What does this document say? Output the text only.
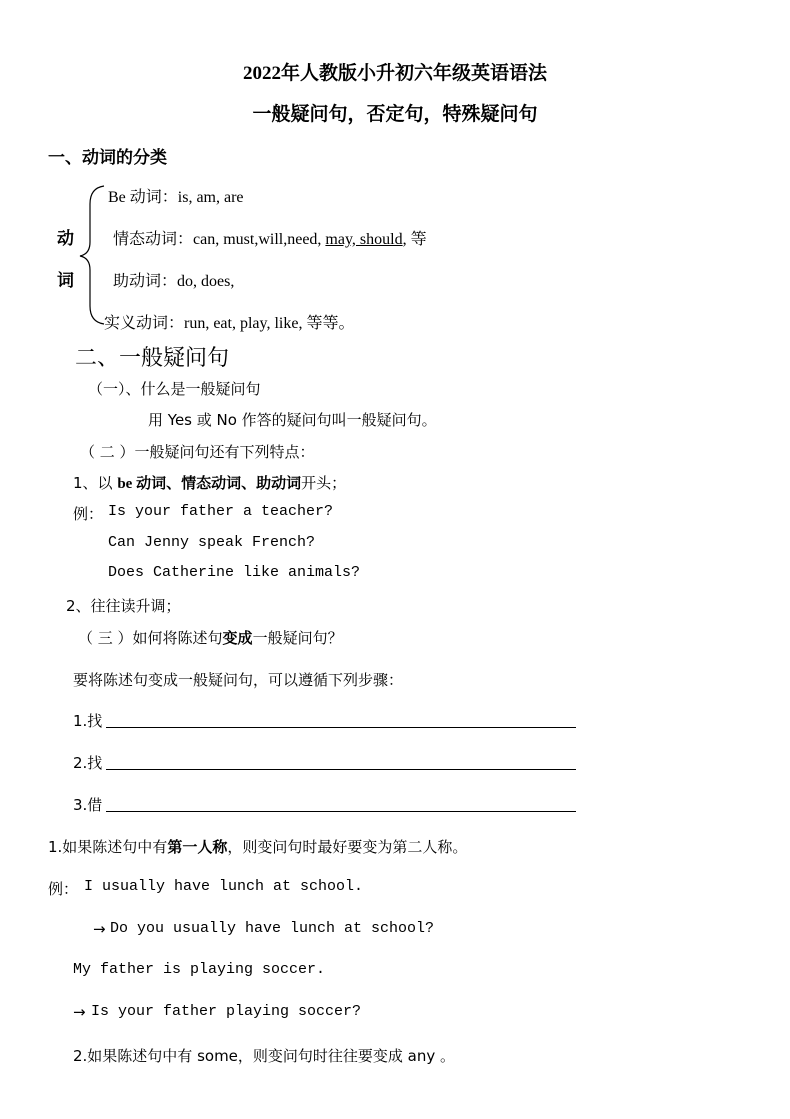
2022年人教版小升初六年级英语语法
一般疑问句，否定句，特殊疑问句
一、动词的分类
动
词
Be 动词：is, am, are
情态动词：can, must,will,need, may, should, 等
助动词：do, does,
实义动词：run, eat, play, like, 等等。
二、一般疑问句
（一）、什么是一般疑问句
用 Yes 或 No 作答的疑问句叫一般疑问句。
（ 二 ）一般疑问句还有下列特点：
1、以 be 动词、情态动词、助动词开头；
例： Is your father a teacher?
Can Jenny speak French?
Does Catherine like animals?
2、往往读升调；
（ 三 ）如何将陈述句变成一般疑问句？
要将陈述句变成一般疑问句，可以遵循下列步骤：
1.找
2.找
3.借
1.如果陈述句中有第一人称，则变问句时最好要变为第二人称。
例： I usually have lunch at school.
→ Do you usually have lunch at school?
My father is playing soccer.
→ Is your father playing soccer?
2.如果陈述句中有 some，则变问句时往往要变成 any 。
